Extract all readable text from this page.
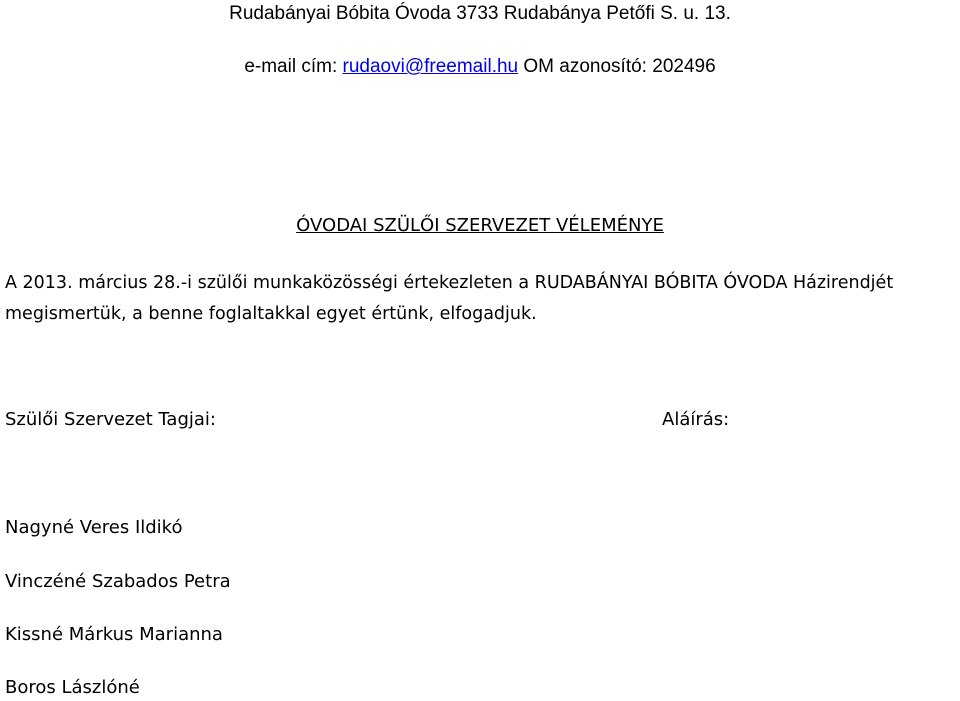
Rudabányai Bóbita Óvoda 3733 Rudabánya Petőfi S. u. 13.
e-mail cím: rudaovi@freemail.hu OM azonosító: 202496
ÓVODAI SZÜLŐI SZERVEZET VÉLEMÉNYE
A 2013. március 28.-i szülői munkaközösségi értekezleten a RUDABÁNYAI BÓBITA ÓVODA Házirendjét
megismertük, a benne foglaltakkal egyet értünk, elfogadjuk.
Szülői Szervezet Tagjai:	Aláírás:
Nagyné Veres Ildikó
Vinczéné Szabados Petra
Kissné Márkus Marianna
Boros Lászlóné
